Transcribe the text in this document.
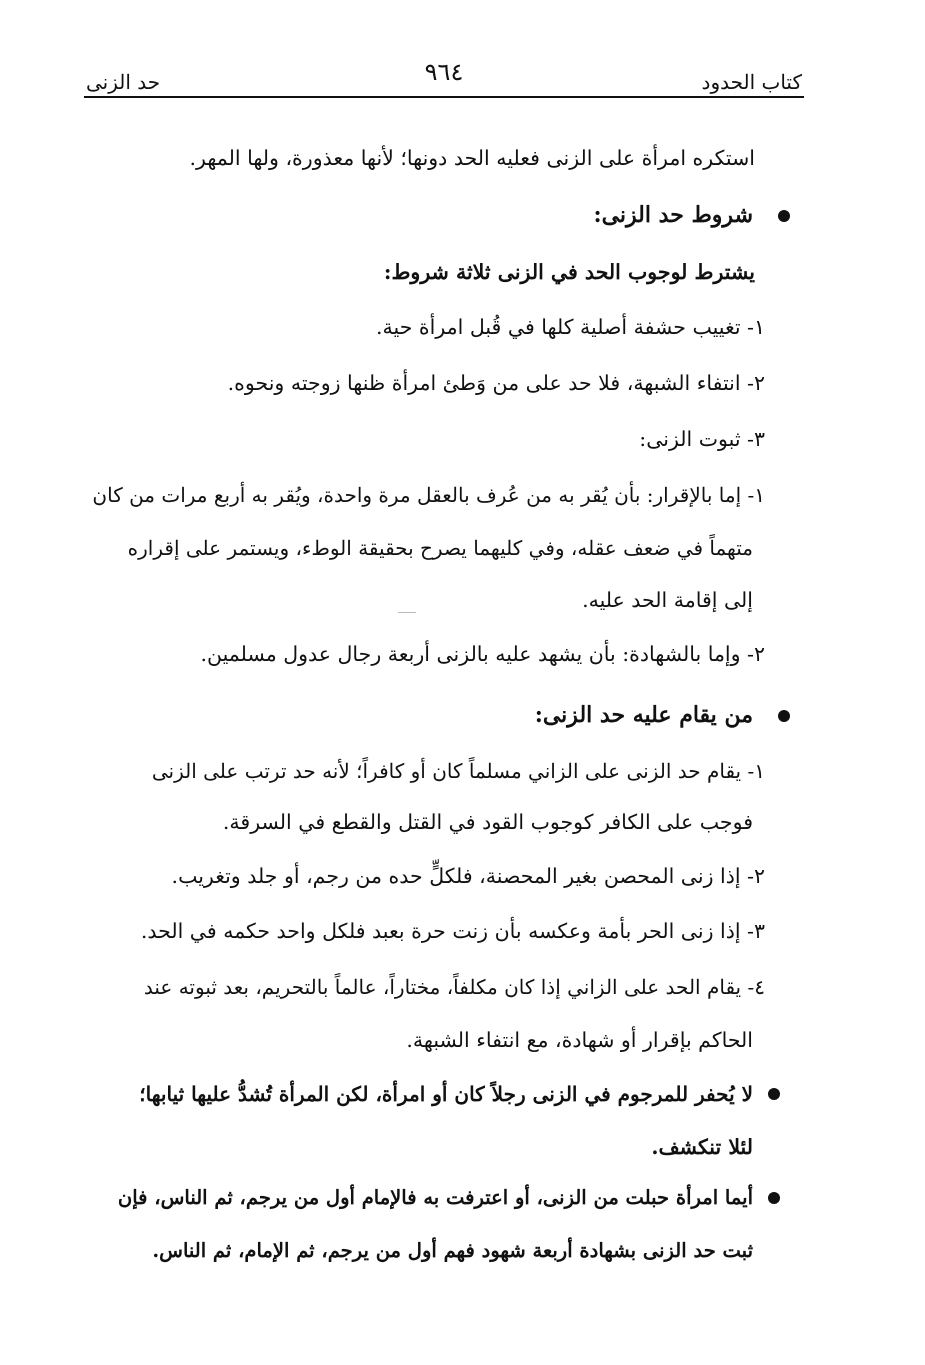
كتاب الحدود
٩٦٤
حد الزنى
استكره امرأة على الزنى فعليه الحد دونها؛ لأنها معذورة، ولها المهر.
شروط حد الزنى:
يشترط لوجوب الحد في الزنى ثلاثة شروط:
١- تغييب حشفة أصلية كلها في قُبل امرأة حية.
٢- انتفاء الشبهة، فلا حد على من وَطئ امرأة ظنها زوجته ونحوه.
٣- ثبوت الزنى:
١- إما بالإقرار: بأن يُقر به من عُرف بالعقل مرة واحدة، ويُقر به أربع مرات من كان
متهماً في ضعف عقله، وفي كليهما يصرح بحقيقة الوطء، ويستمر على إقراره
إلى إقامة الحد عليه.
٢- وإما بالشهادة: بأن يشهد عليه بالزنى أربعة رجال عدول مسلمين.
من يقام عليه حد الزنى:
١- يقام حد الزنى على الزاني مسلماً كان أو كافراً؛ لأنه حد ترتب على الزنى
فوجب على الكافر كوجوب القود في القتل والقطع في السرقة.
٢- إذا زنى المحصن بغير المحصنة، فلكلٍّ حده من رجم، أو جلد وتغريب.
٣- إذا زنى الحر بأمة وعكسه بأن زنت حرة بعبد فلكل واحد حكمه في الحد.
٤- يقام الحد على الزاني إذا كان مكلفاً، مختاراً، عالماً بالتحريم، بعد ثبوته عند
الحاكم بإقرار أو شهادة، مع انتفاء الشبهة.
لا يُحفر للمرجوم في الزنى رجلاً كان أو امرأة، لكن المرأة تُشدُّ عليها ثيابها؛
لئلا تنكشف.
أيما امرأة حبلت من الزنى، أو اعترفت به فالإمام أول من يرجم، ثم الناس، فإن
ثبت حد الزنى بشهادة أربعة شهود فهم أول من يرجم، ثم الإمام، ثم الناس.
